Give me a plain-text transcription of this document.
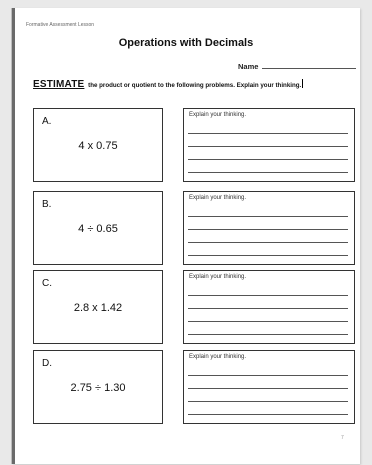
Formative Assessment Lesson
Operations with Decimals
Name
ESTIMATE the product or quotient to the following problems. Explain your thinking.
A.
4 x 0.75
Explain your thinking.
B.
4 ÷ 0.65
Explain your thinking.
C.
2.8 x 1.42
Explain your thinking.
D.
2.75 ÷ 1.30
Explain your thinking.
7
